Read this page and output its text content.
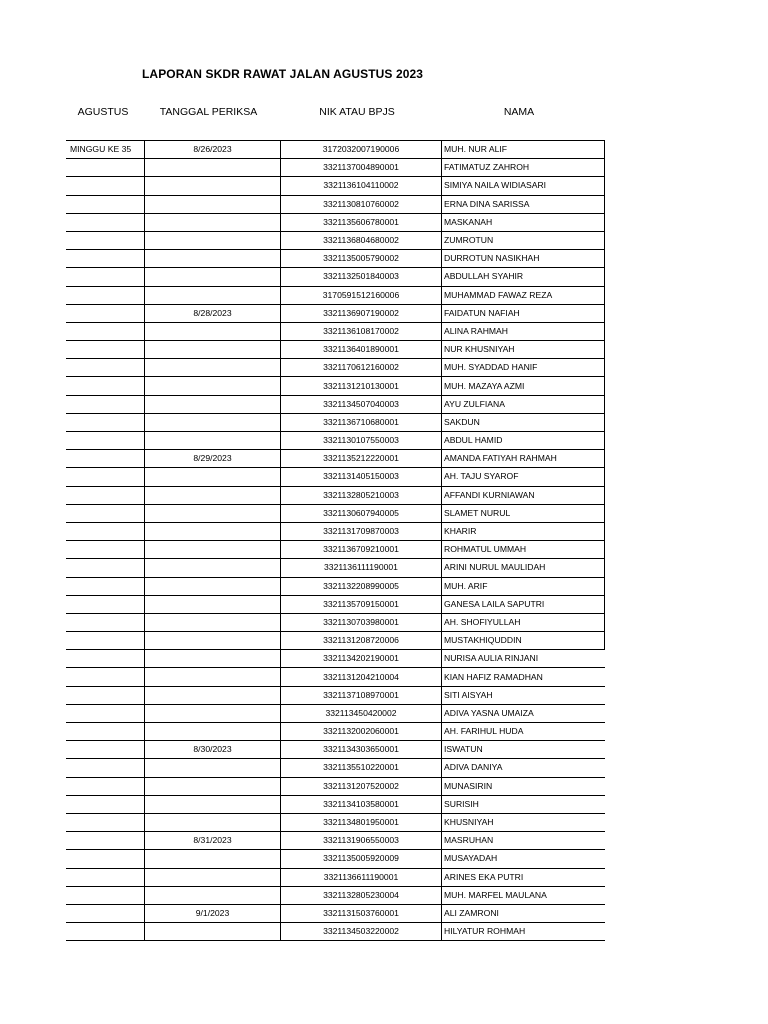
LAPORAN SKDR RAWAT JALAN AGUSTUS 2023
AGUSTUS	TANGGAL PERIKSA	NIK ATAU BPJS	NAMA
MINGGU KE 35	8/26/2023	3172032007190006	MUH. NUR ALIF
		3321137004890001	FATIMATUZ ZAHROH
		3321136104110002	SIMIYA NAILA WIDIASARI
		3321130810760002	ERNA DINA SARISSA
		3321135606780001	MASKANAH
		3321136804680002	ZUMROTUN
		3321135005790002	DURROTUN NASIKHAH
		3321132501840003	ABDULLAH SYAHIR
		3170591512160006	MUHAMMAD FAWAZ REZA
	8/28/2023	3321136907190002	FAIDATUN NAFIAH
		3321136108170002	ALINA RAHMAH
		3321136401890001	NUR KHUSNIYAH
		3321170612160002	MUH. SYADDAD HANIF
		3321131210130001	MUH. MAZAYA AZMI
		3321134507040003	AYU ZULFIANA
		3321136710680001	SAKDUN
		3321130107550003	ABDUL HAMID
	8/29/2023	3321135212220001	AMANDA FATIYAH RAHMAH
		3321131405150003	AH. TAJU SYAROF
		3321132805210003	AFFANDI KURNIAWAN
		3321130607940005	SLAMET NURUL
		3321131709870003	KHARIR
		3321136709210001	ROHMATUL UMMAH
		3321136111190001	ARINI NURUL MAULIDAH
		3321132208990005	MUH. ARIF
		3321135709150001	GANESA LAILA SAPUTRI
		3321130703980001	AH. SHOFIYULLAH
		3321131208720006	MUSTAKHIQUDDIN
		3321134202190001	NURISA AULIA RINJANI
		3321131204210004	KIAN HAFIZ RAMADHAN
		3321137108970001	SITI AISYAH
		332113450420002	ADIVA YASNA UMAIZA
		3321132002060001	AH. FARIHUL HUDA
	8/30/2023	3321134303650001	ISWATUN
		3321135510220001	ADIVA DANIYA
		3321131207520002	MUNASIRIN
		3321134103580001	SURISIH
		3321134801950001	KHUSNIYAH
	8/31/2023	3321131906550003	MASRUHAN
		3321135005920009	MUSAYADAH
		3321136611190001	ARINES EKA PUTRI
		3321132805230004	MUH. MARFEL MAULANA
	9/1/2023	3321131503760001	ALI ZAMRONI
		3321134503220002	HILYATUR ROHMAH
